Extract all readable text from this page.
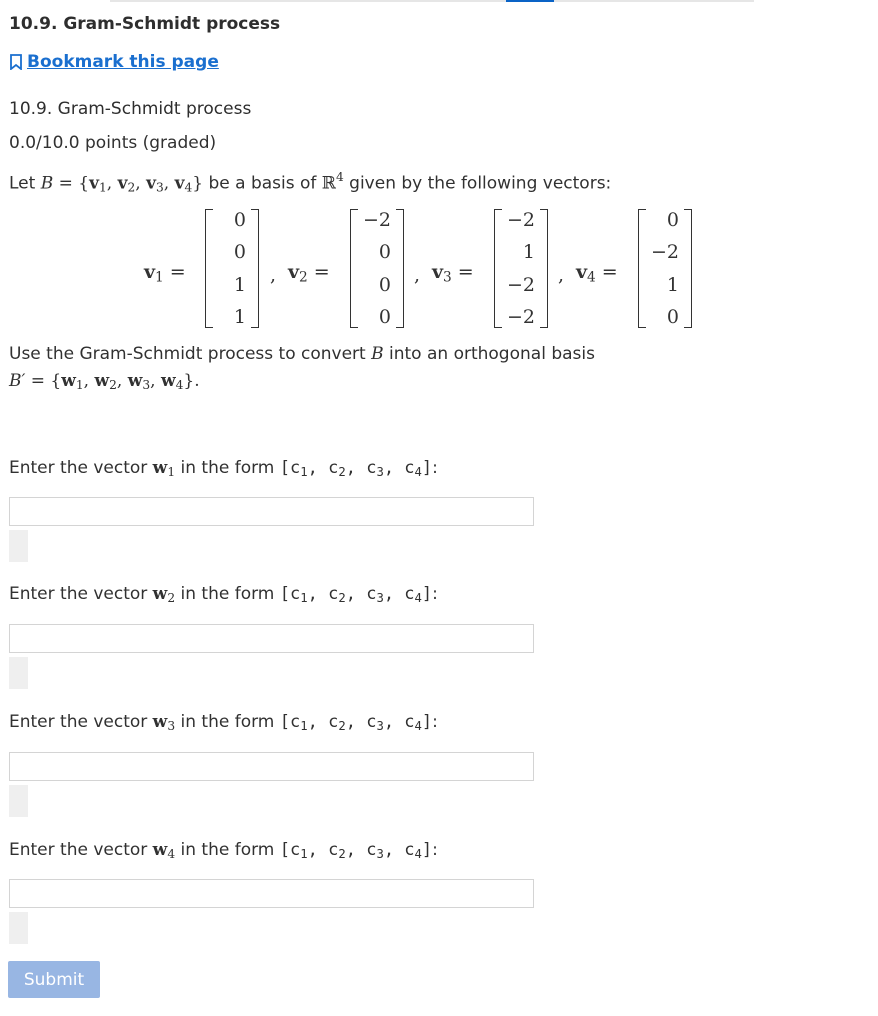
10.9. Gram-Schmidt process
Bookmark this page
10.9. Gram-Schmidt process
0.0/10.0 points (graded)
Let $B = \{v_1$, $v_2$, $v_3$, $v_4$} be a basis of ℝ$^4$ given by the following vectors:
$v_1$ =
0
0
1
1
, $v_2$ =
−2
0
0
0
, $v_3$ =
−2
1
−2
−2
, $v_4$ =
0
−2
1
0
Use the Gram-Schmidt process to convert B into an orthogonal basis
$B' = \{w_1$, $w_2$, $w_3$, $w_4$}.
Enter the vector $w_1$ in the form [$c_1$, $c_2$, $c_3$, $c_4$]:
Enter the vector $w_2$ in the form [$c_1$, $c_2$, $c_3$, $c_4$]:
Enter the vector $w_3$ in the form [$c_1$, $c_2$, $c_3$, $c_4$]:
Enter the vector $w_4$ in the form [$c_1$, $c_2$, $c_3$, $c_4$]:
Submit
